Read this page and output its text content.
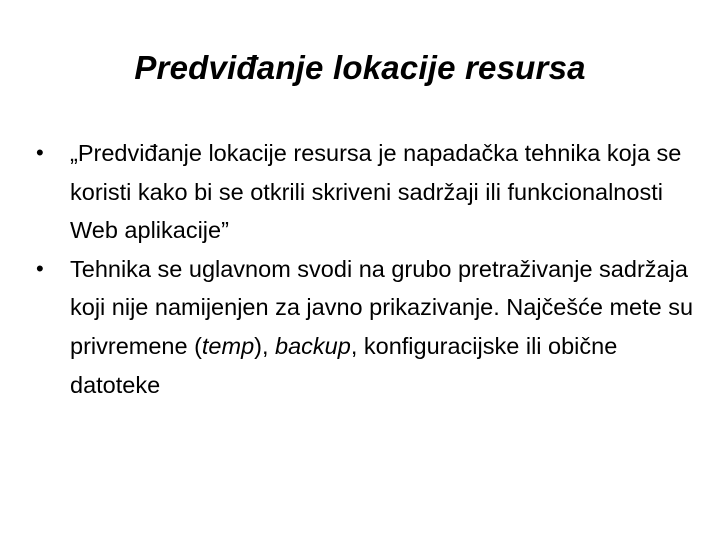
Predviđanje lokacije resursa
•	„Predviđanje lokacije resursa je napadačka tehnika koja se koristi kako bi se otkrili skriveni sadržaji ili funkcionalnosti Web aplikacije”
•	Tehnika se uglavnom svodi na grubo pretraživanje sadržaja koji nije namijenjen za javno prikazivanje. Najčešće mete su privremene (temp), backup, konfiguracijske ili obične datoteke
